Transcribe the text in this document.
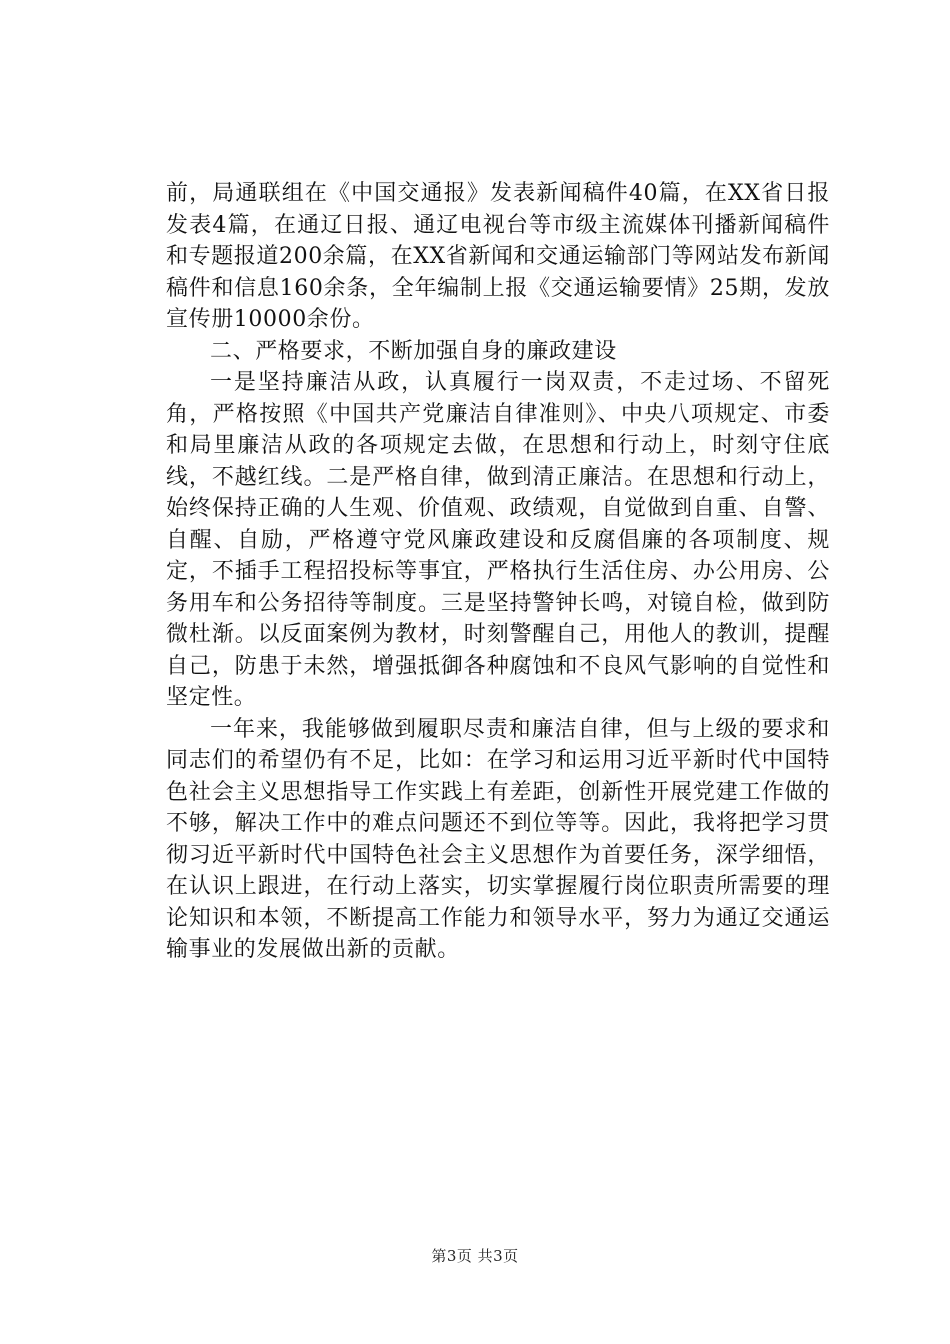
前，局通联组在《中国交通报》发表新闻稿件40篇，在XX省日报发表4篇，在通辽日报、通辽电视台等市级主流媒体刊播新闻稿件和专题报道200余篇，在XX省新闻和交通运输部门等网站发布新闻稿件和信息160余条，全年编制上报《交通运输要情》25期，发放宣传册10000余份。

二、严格要求，不断加强自身的廉政建设

一是坚持廉洁从政，认真履行一岗双责，不走过场、不留死角，严格按照《中国共产党廉洁自律准则》、中央八项规定、市委和局里廉洁从政的各项规定去做，在思想和行动上，时刻守住底线，不越红线。二是严格自律，做到清正廉洁。在思想和行动上，始终保持正确的人生观、价值观、政绩观，自觉做到自重、自警、自醒、自励，严格遵守党风廉政建设和反腐倡廉的各项制度、规定，不插手工程招投标等事宜，严格执行生活住房、办公用房、公务用车和公务招待等制度。三是坚持警钟长鸣，对镜自检，做到防微杜渐。以反面案例为教材，时刻警醒自己，用他人的教训，提醒自己，防患于未然，增强抵御各种腐蚀和不良风气影响的自觉性和坚定性。

一年来，我能够做到履职尽责和廉洁自律，但与上级的要求和同志们的希望仍有不足，比如：在学习和运用习近平新时代中国特色社会主义思想指导工作实践上有差距，创新性开展党建工作做的不够，解决工作中的难点问题还不到位等等。因此，我将把学习贯彻习近平新时代中国特色社会主义思想作为首要任务，深学细悟，在认识上跟进，在行动上落实，切实掌握履行岗位职责所需要的理论知识和本领，不断提高工作能力和领导水平，努力为通辽交通运输事业的发展做出新的贡献。

第3页 共3页
